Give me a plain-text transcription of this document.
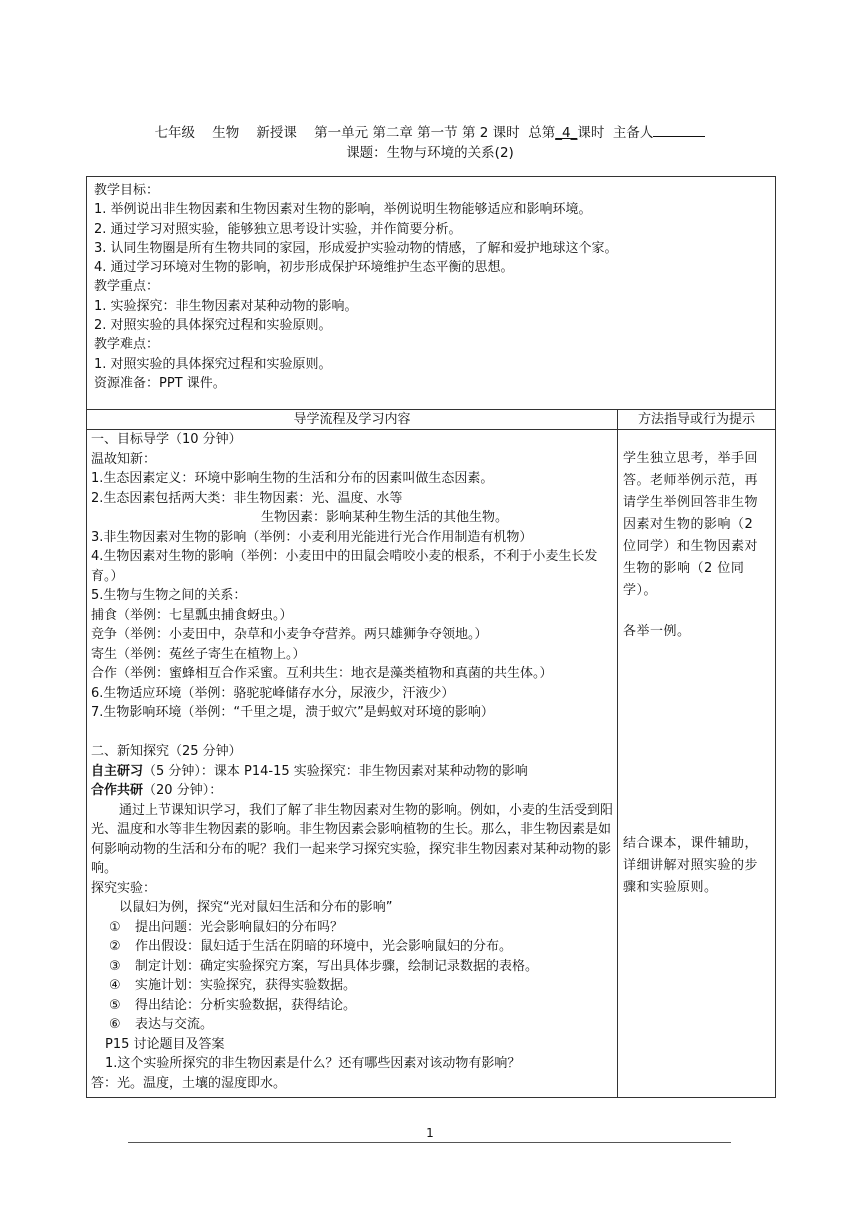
七年级 生物 新授课 第一单元 第二章 第一节 第 2 课时 总第_4_课时 主备人
课题：生物与环境的关系(2)
教学目标：
1. 举例说出非生物因素和生物因素对生物的影响，举例说明生物能够适应和影响环境。
2. 通过学习对照实验，能够独立思考设计实验，并作简要分析。
3. 认同生物圈是所有生物共同的家园，形成爱护实验动物的情感，了解和爱护地球这个家。
4. 通过学习环境对生物的影响，初步形成保护环境维护生态平衡的思想。
教学重点：
1. 实验探究：非生物因素对某种动物的影响。
2. 对照实验的具体探究过程和实验原则。
教学难点：
1. 对照实验的具体探究过程和实验原则。
资源准备：PPT 课件。
导学流程及学习内容	方法指导或行为提示
一、目标导学（10 分钟）
温故知新：
1.生态因素定义：环境中影响生物的生活和分布的因素叫做生态因素。
2.生态因素包括两大类：非生物因素：光、温度、水等
生物因素：影响某种生物生活的其他生物。
3.非生物因素对生物的影响（举例：小麦利用光能进行光合作用制造有机物）
4.生物因素对生物的影响（举例：小麦田中的田鼠会啃咬小麦的根系，不利于小麦生长发育。）
5.生物与生物之间的关系：
捕食（举例：七星瓢虫捕食蚜虫。）
竞争（举例：小麦田中，杂草和小麦争夺营养。两只雄狮争夺领地。）
寄生（举例：菟丝子寄生在植物上。）
合作（举例：蜜蜂相互合作采蜜。互利共生：地衣是藻类植物和真菌的共生体。）
6.生物适应环境（举例：骆驼驼峰储存水分，尿液少，汗液少）
7.生物影响环境（举例：“千里之堤，溃于蚁穴”是蚂蚁对环境的影响）
二、新知探究（25 分钟）
自主研习（5 分钟）：课本 P14-15 实验探究：非生物因素对某种动物的影响
合作共研（20 分钟）：
通过上节课知识学习，我们了解了非生物因素对生物的影响。例如，小麦的生活受到阳光、温度和水等非生物因素的影响。非生物因素会影响植物的生长。那么，非生物因素是如何影响动物的生活和分布的呢？我们一起来学习探究实验，探究非生物因素对某种动物的影响。
探究实验：
以鼠妇为例，探究“光对鼠妇生活和分布的影响”
① 提出问题：光会影响鼠妇的分布吗？
② 作出假设：鼠妇适于生活在阴暗的环境中，光会影响鼠妇的分布。
③ 制定计划：确定实验探究方案，写出具体步骤，绘制记录数据的表格。
④ 实施计划：实验探究，获得实验数据。
⑤ 得出结论：分析实验数据，获得结论。
⑥ 表达与交流。
P15 讨论题目及答案
1.这个实验所探究的非生物因素是什么？还有哪些因素对该动物有影响？
答：光。温度，土壤的湿度即水。
学生独立思考，举手回答。老师举例示范，再请学生举例回答非生物因素对生物的影响（2 位同学）和生物因素对生物的影响（2 位同学）。
各举一例。
结合课本，课件辅助，详细讲解对照实验的步骤和实验原则。
1
